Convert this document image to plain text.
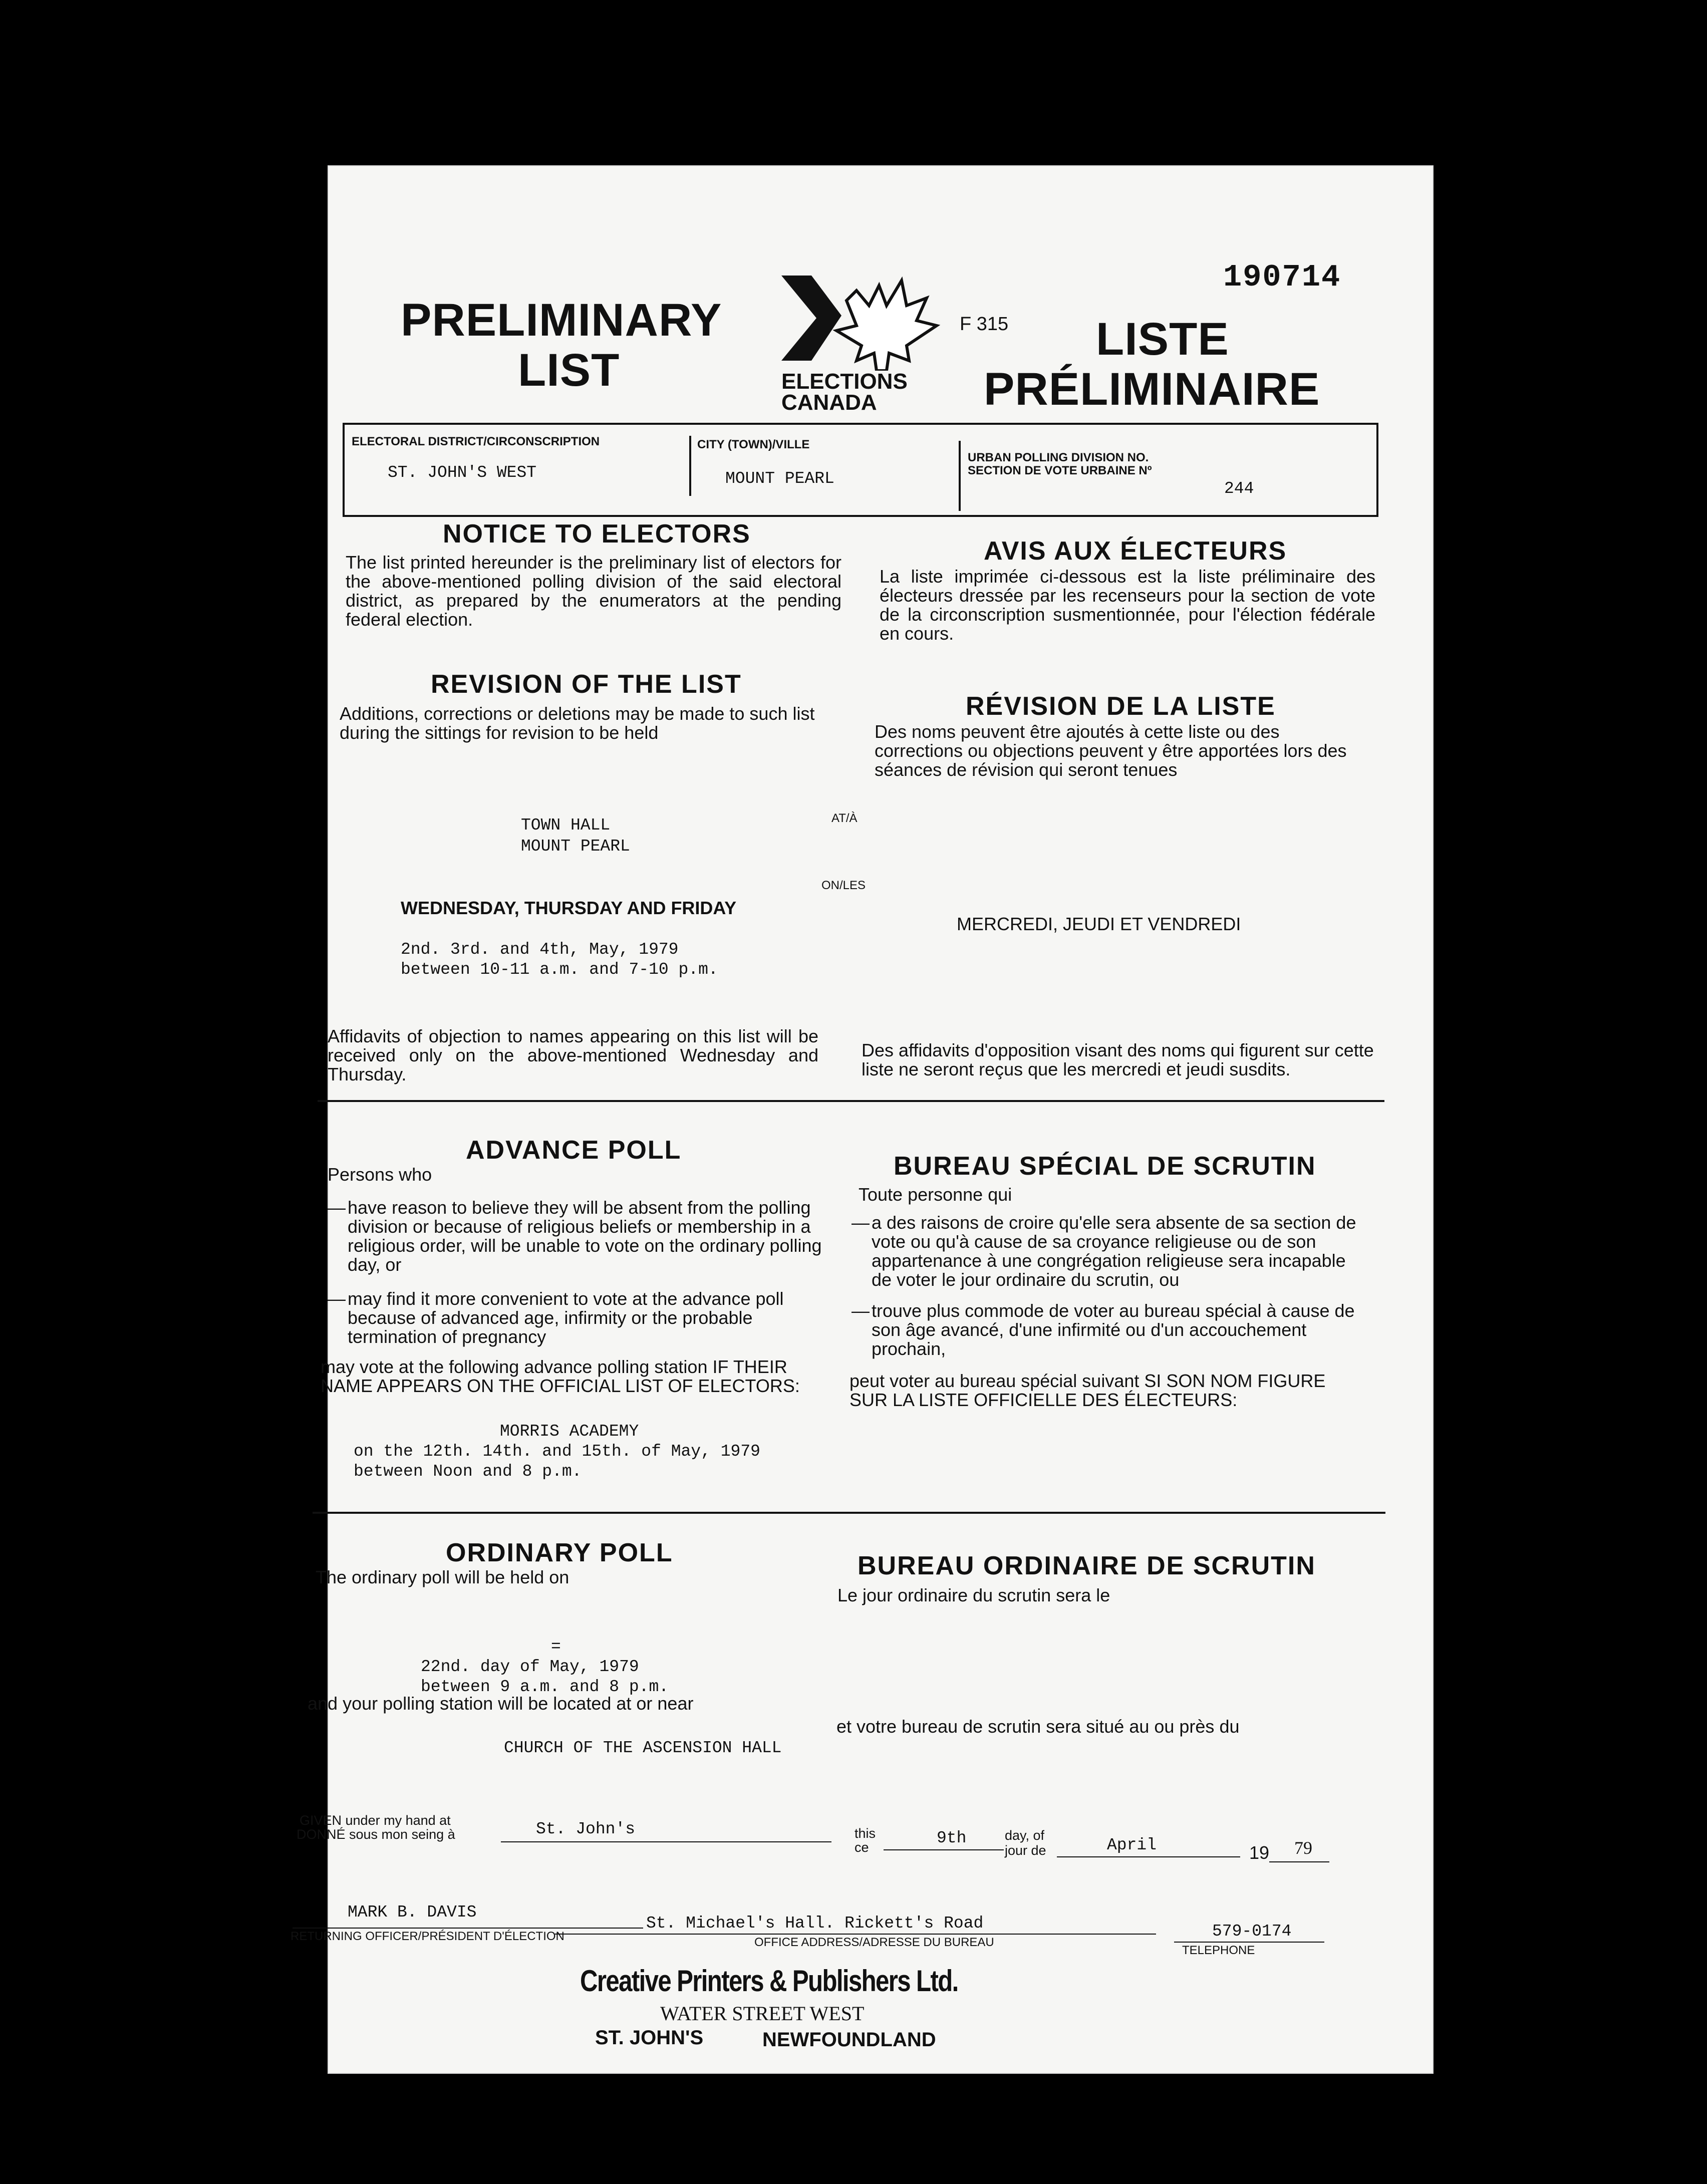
190714
F 315
PRELIMINARY
LIST
LISTE
PRÉLIMINAIRE
ELECTIONS
CANADA
ELECTORAL DISTRICT/CIRCONSCRIPTION
ST. JOHN'S WEST
CITY (TOWN)/VILLE
MOUNT PEARL
URBAN POLLING DIVISION NO.
SECTION DE VOTE URBAINE Nº
244
NOTICE TO ELECTORS
AVIS AUX ÉLECTEURS
The list printed hereunder is the preliminary list of electors for the above-mentioned polling division of the said electoral district, as prepared by the enumerators at the pending federal election.
La liste imprimée ci-dessous est la liste préliminaire des électeurs dressée par les recenseurs pour la section de vote de la circonscription susmentionnée, pour l'élection fédérale en cours.
REVISION OF THE LIST
RÉVISION DE LA LISTE
Additions, corrections or deletions may be made to such list during the sittings for revision to be held	Des noms peuvent être ajoutés à cette liste ou des corrections ou objections peuvent y être apportées lors des séances de révision qui seront tenues
TOWN HALL
MOUNT PEARL
AT/À
ON/LES
WEDNESDAY, THURSDAY AND FRIDAY
MERCREDI, JEUDI ET VENDREDI
2nd. 3rd. and 4th, May, 1979
between 10-11 a.m. and 7-10 p.m.
Affidavits of objection to names appearing on this list will be received only on the above-mentioned Wednesday and Thursday.
Des affidavits d'opposition visant des noms qui figurent sur cette liste ne seront reçus que les mercredi et jeudi susdits.
ADVANCE POLL
BUREAU SPÉCIAL DE SCRUTIN
Persons who
Toute personne qui
— have reason to believe they will be absent from the polling division or because of religious beliefs or membership in a religious order, will be unable to vote on the ordinary polling day, or
— may find it more convenient to vote at the advance poll because of advanced age, infirmity or the probable termination of pregnancy
— a des raisons de croire qu'elle sera absente de sa section de vote ou qu'à cause de sa croyance religieuse ou de son appartenance à une congrégation religieuse sera incapable de voter le jour ordinaire du scrutin, ou
— trouve plus commode de voter au bureau spécial à cause de son âge avancé, d'une infirmité ou d'un accouchement prochain,
may vote at the following advance polling station IF THEIR NAME APPEARS ON THE OFFICIAL LIST OF ELECTORS:	peut voter au bureau spécial suivant SI SON NOM FIGURE SUR LA LISTE OFFICIELLE DES ÉLECTEURS:
MORRIS ACADEMY
on the 12th. 14th. and 15th. of May, 1979
between Noon and 8 p.m.
ORDINARY POLL	BUREAU ORDINAIRE DE SCRUTIN
The ordinary poll will be held on
Le jour ordinaire du scrutin sera le
=
22nd. day of May, 1979
between 9 a.m. and 8 p.m.
and your polling station will be located at or near
et votre bureau de scrutin sera situé au ou près du
CHURCH OF THE ASCENSION HALL
GIVEN under my hand at
DONNÉ sous mon seing à	St. John's	this
ce	9th	day, of
jour de	April	19 79
MARK B. DAVIS
St. Michael's Hall. Rickett's Road	579-0174
RETURNING OFFICER/PRÉSIDENT D'ÉLECTION	OFFICE ADDRESS/ADRESSE DU BUREAU
TELEPHONE
Creative Printers & Publishers Ltd.
WATER STREET WEST
ST. JOHN'S	NEWFOUNDLAND
